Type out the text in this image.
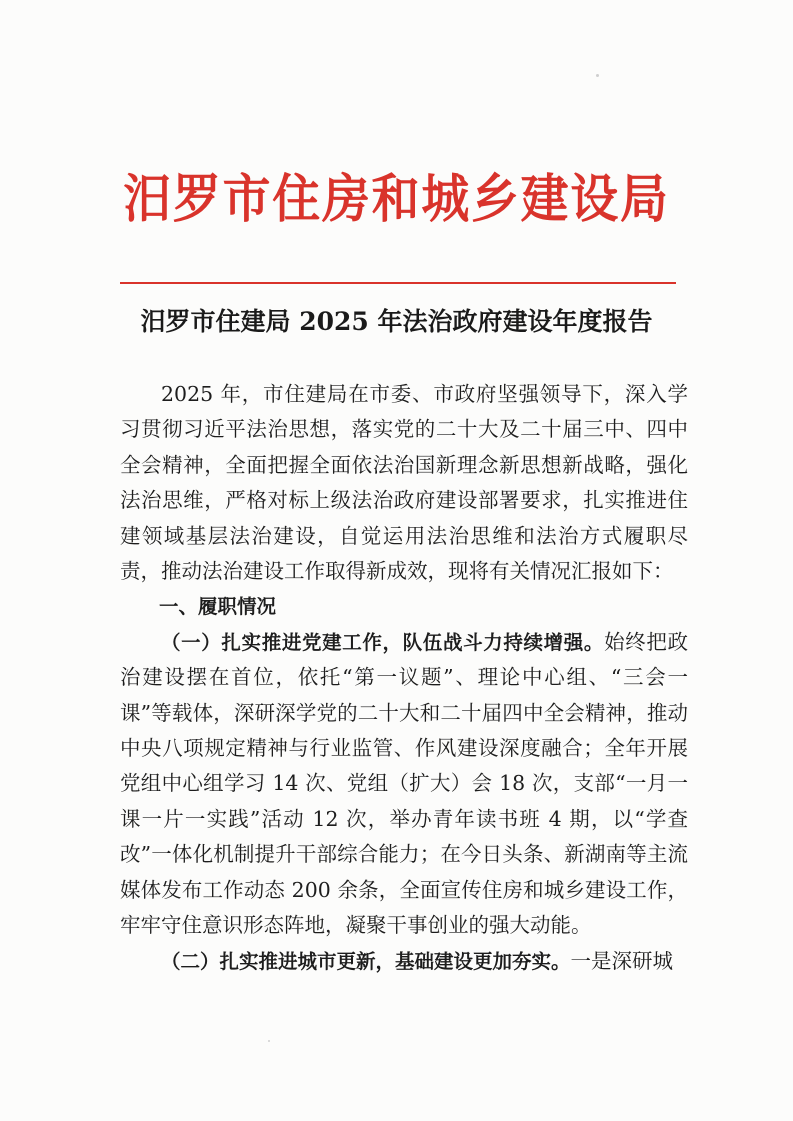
汨罗市住房和城乡建设局
汨罗市住建局 2025 年法治政府建设年度报告

2025 年，市住建局在市委、市政府坚强领导下，深入学习贯彻习近平法治思想，落实党的二十大及二十届三中、四中全会精神，全面把握全面依法治国新理念新思想新战略，强化法治思维，严格对标上级法治政府建设部署要求，扎实推进住建领域基层法治建设，自觉运用法治思维和法治方式履职尽责，推动法治建设工作取得新成效，现将有关情况汇报如下：

一、履职情况

（一）扎实推进党建工作，队伍战斗力持续增强。始终把政治建设摆在首位，依托“第一议题”、理论中心组、“三会一课”等载体，深研深学党的二十大和二十届四中全会精神，推动中央八项规定精神与行业监管、作风建设深度融合；全年开展党组中心组学习 14 次、党组（扩大）会 18 次，支部“一月一课一片一实践”活动 12 次，举办青年读书班 4 期，以“学查改”一体化机制提升干部综合能力；在今日头条、新湖南等主流媒体发布工作动态 200 余条，全面宣传住房和城乡建设工作，牢牢守住意识形态阵地，凝聚干事创业的强大动能。

（二）扎实推进城市更新，基础建设更加夯实。一是深研城
